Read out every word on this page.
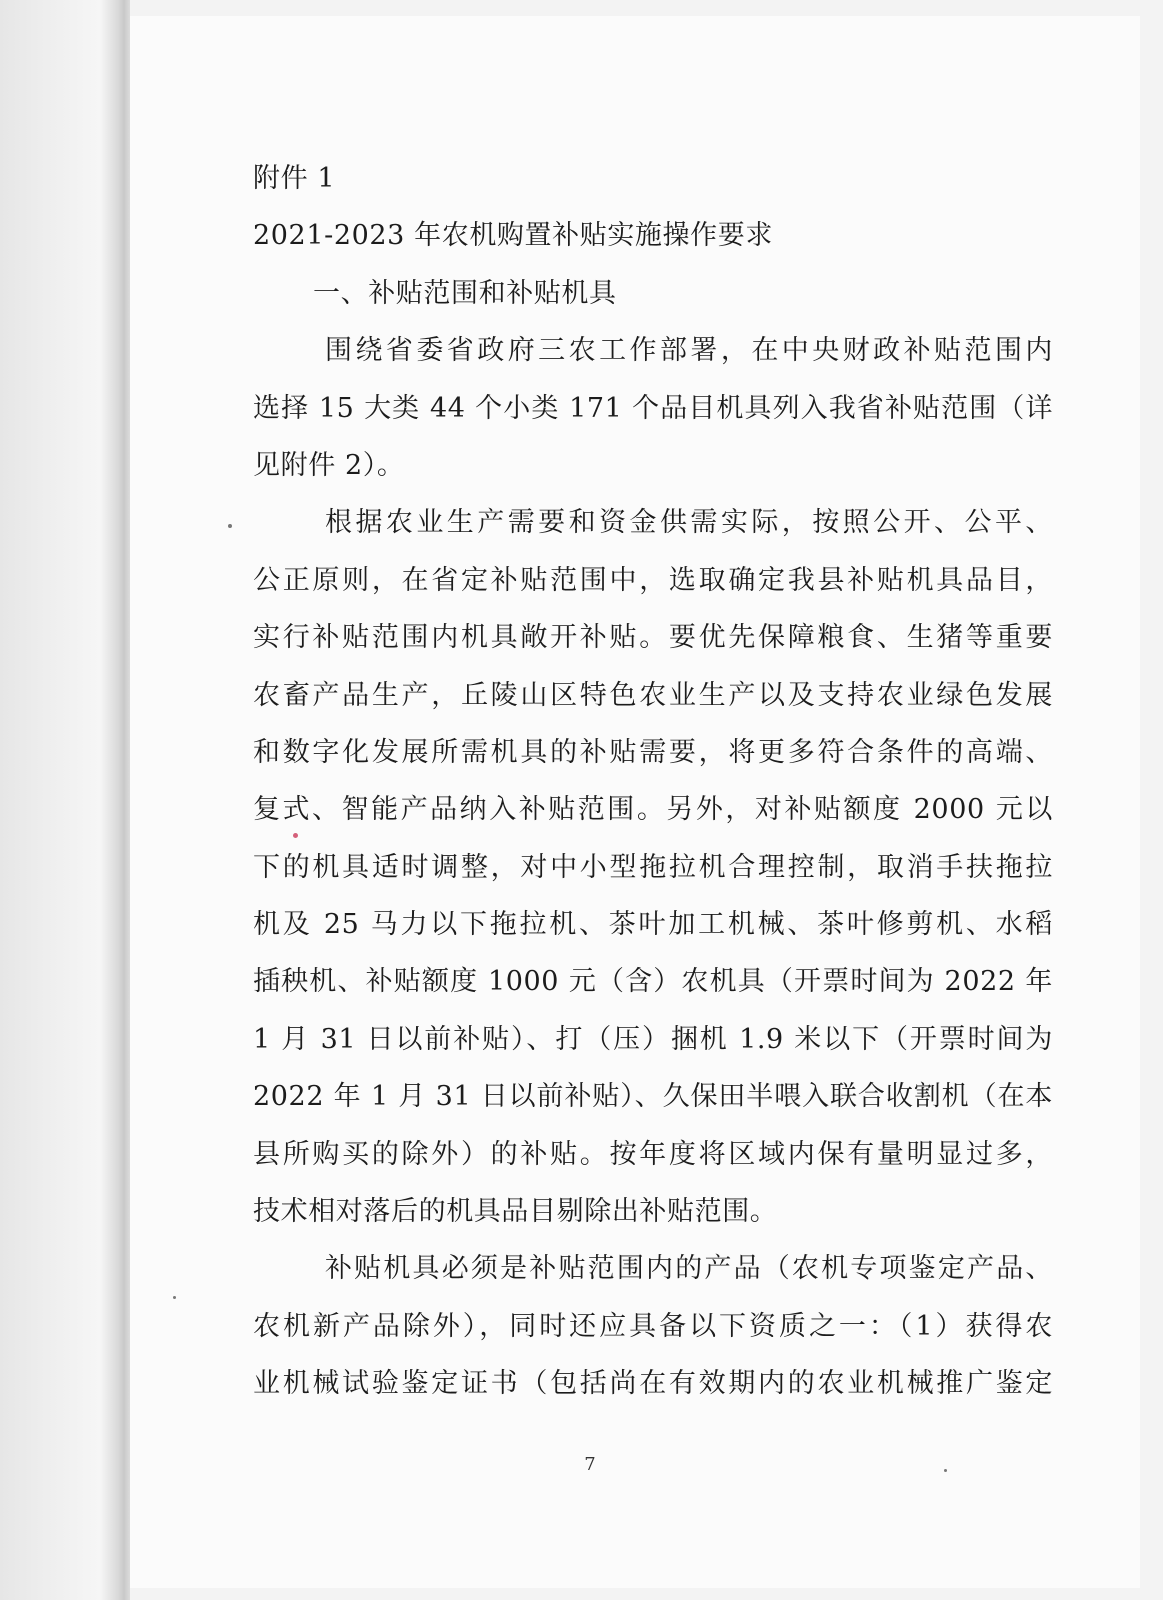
附件 1
2021-2023 年农机购置补贴实施操作要求
一、补贴范围和补贴机具
围绕省委省政府三农工作部署，在中央财政补贴范围内
选择 15 大类 44 个小类 171 个品目机具列入我省补贴范围（详
见附件 2）。
根据农业生产需要和资金供需实际，按照公开、公平、
公正原则，在省定补贴范围中，选取确定我县补贴机具品目，
实行补贴范围内机具敞开补贴。要优先保障粮食、生猪等重要
农畜产品生产，丘陵山区特色农业生产以及支持农业绿色发展
和数字化发展所需机具的补贴需要，将更多符合条件的高端、
复式、智能产品纳入补贴范围。另外，对补贴额度 2000 元以
下的机具适时调整，对中小型拖拉机合理控制，取消手扶拖拉
机及 25 马力以下拖拉机、茶叶加工机械、茶叶修剪机、水稻
插秧机、补贴额度 1000 元（含）农机具（开票时间为 2022 年
1 月 31 日以前补贴）、打（压）捆机 1.9 米以下（开票时间为
2022 年 1 月 31 日以前补贴）、久保田半喂入联合收割机（在本
县所购买的除外）的补贴。按年度将区域内保有量明显过多，
技术相对落后的机具品目剔除出补贴范围。
补贴机具必须是补贴范围内的产品（农机专项鉴定产品、
农机新产品除外），同时还应具备以下资质之一：（1）获得农
业机械试验鉴定证书（包括尚在有效期内的农业机械推广鉴定
7
